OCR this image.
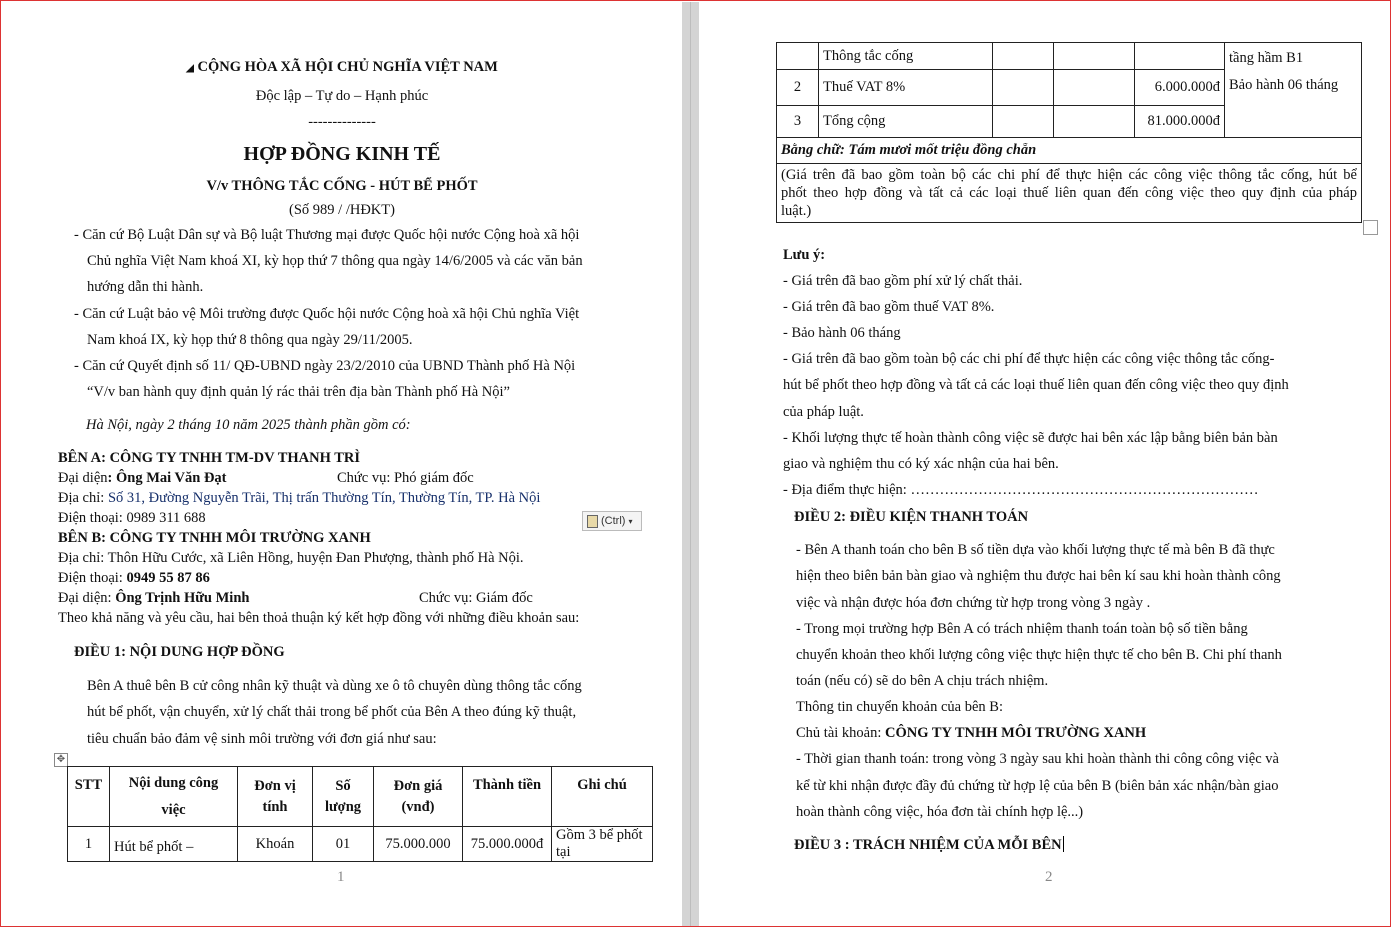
◢ CỘNG HÒA XÃ HỘI CHỦ NGHĨA VIỆT NAM
Độc lập – Tự do – Hạnh phúc
--------------
HỢP ĐỒNG KINH TẾ
V/v THÔNG TẮC CỐNG - HÚT BỂ PHỐT
(Số 989 / /HĐKT)
- Căn cứ Bộ Luật Dân sự và Bộ luật Thương mại được Quốc hội nước Cộng hoà xã hội
Chủ nghĩa Việt Nam khoá XI, kỳ họp thứ 7 thông qua ngày 14/6/2005 và các văn bản
hướng dẫn thi hành.
- Căn cứ Luật bảo vệ Môi trường được Quốc hội nước Cộng hoà xã hội Chủ nghĩa Việt
Nam khoá IX, kỳ họp thứ 8 thông qua ngày 29/11/2005.
- Căn cứ Quyết định số 11/ QĐ-UBND ngày 23/2/2010 của UBND Thành phố Hà Nội
“V/v ban hành quy định quản lý rác thải trên địa bàn Thành phố Hà Nội”
Hà Nội, ngày 2 tháng 10 năm 2025 thành phần gồm có:
BÊN A: CÔNG TY TNHH TM-DV THANH TRÌ
Đại diện: Ông Mai Văn Đạt	Chức vụ: Phó giám đốc
Địa chỉ: Số 31, Đường Nguyễn Trãi, Thị trấn Thường Tín, Thường Tín, TP. Hà Nội
Điện thoại: 0989 311 688	(Ctrl) ▾
BÊN B: CÔNG TY TNHH MÔI TRƯỜNG XANH
Địa chỉ: Thôn Hữu Cước, xã Liên Hồng, huyện Đan Phượng, thành phố Hà Nội.
Điện thoại: 0949 55 87 86
Đại diện: Ông Trịnh Hữu Minh	Chức vụ: Giám đốc
Theo khả năng và yêu cầu, hai bên thoả thuận ký kết hợp đồng với những điều khoản sau:
ĐIỀU 1: NỘI DUNG HỢP ĐỒNG
Bên A thuê bên B cử công nhân kỹ thuật và dùng xe ô tô chuyên dùng thông tắc cống
hút bể phốt, vận chuyển, xử lý chất thải trong bể phốt của Bên A theo đúng kỹ thuật,
tiêu chuẩn bảo đảm vệ sinh môi trường với đơn giá như sau:
✥
STT	Nội dung công việc	Đơn vị tính	Số lượng	Đơn giá (vnđ)	Thành tiền	Ghi chú
1	Hút bể phốt –	Khoán	01	75.000.000	75.000.000đ	Gồm 3 bể phốt tại
1
	Thông tắc cống				tầng hầm B1
Bảo hành 06 tháng
2	Thuế VAT 8%			6.000.000đ	
3	Tổng cộng			81.000.000đ	
Bằng chữ: Tám mươi mốt triệu đồng chẵn					

(Giá trên đã bao gồm toàn bộ các chi phí để thực hiện các công việc thông tắc cống, hút bể
phốt theo hợp đồng và tất cả các loại thuế liên quan đến công việc theo quy định của pháp
luật.)					
Lưu ý:
- Giá trên đã bao gồm phí xử lý chất thải.
- Giá trên đã bao gồm thuế VAT 8%.
- Bảo hành 06 tháng
- Giá trên đã bao gồm toàn bộ các chi phí để thực hiện các công việc thông tắc cống-
hút bể phốt theo hợp đồng và tất cả các loại thuế liên quan đến công việc theo quy định
của pháp luật.
- Khối lượng thực tế hoàn thành công việc sẽ được hai bên xác lập bằng biên bản bàn
giao và nghiệm thu có ký xác nhận của hai bên.
- Địa điểm thực hiện: ………………………………………………………………
ĐIỀU 2: ĐIỀU KIỆN THANH TOÁN
- Bên A thanh toán cho bên B số tiền dựa vào khối lượng thực tế mà bên B đã thực
hiện theo biên bản bàn giao và nghiệm thu được hai bên kí sau khi hoàn thành công
việc và nhận được hóa đơn chứng từ hợp trong vòng 3 ngày .
- Trong mọi trường hợp Bên A có trách nhiệm thanh toán toàn bộ số tiền bằng
chuyển khoản theo khối lượng công việc thực hiện thực tế cho bên B. Chi phí thanh
toán (nếu có) sẽ do bên A chịu trách nhiệm.
Thông tin chuyển khoản của bên B:
Chủ tài khoản: CÔNG TY TNHH MÔI TRƯỜNG XANH
- Thời gian thanh toán: trong vòng 3 ngày sau khi hoàn thành thi công công việc và
kể từ khi nhận được đầy đủ chứng từ hợp lệ của bên B (biên bản xác nhận/bàn giao
hoàn thành công việc, hóa đơn tài chính hợp lệ...)
ĐIỀU 3 : TRÁCH NHIỆM CỦA MỖI BÊN
2
